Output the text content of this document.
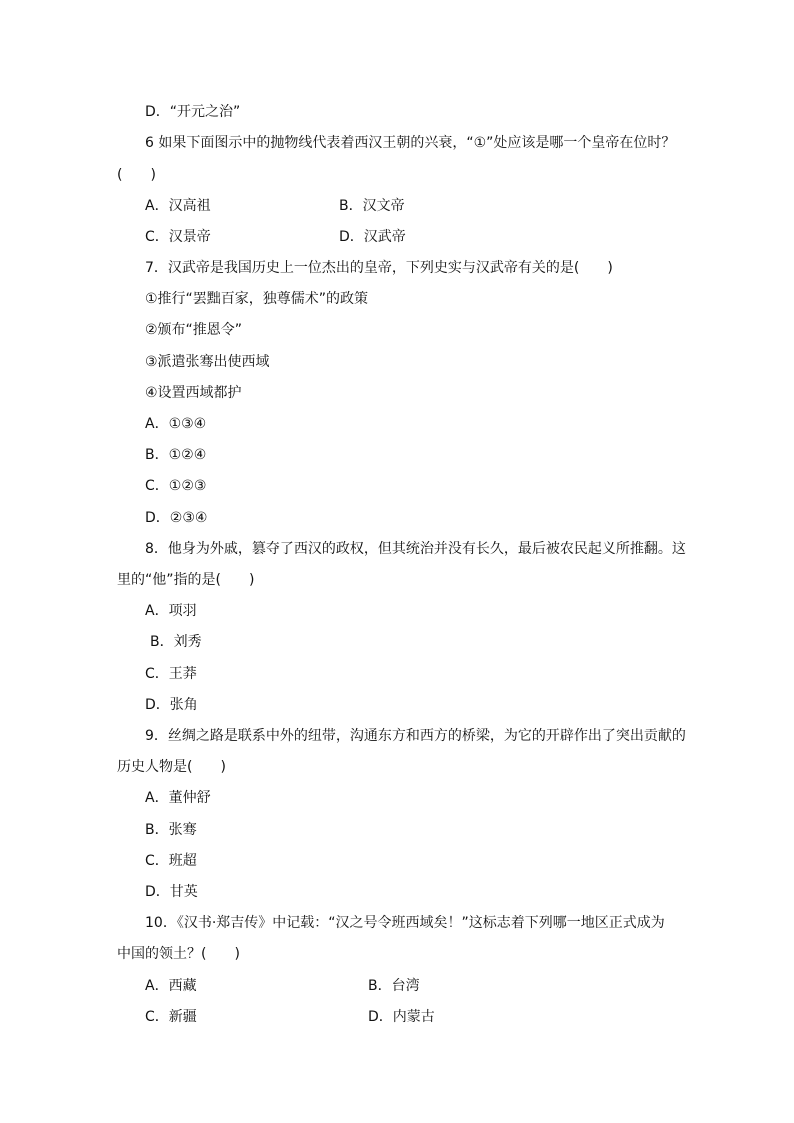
D．“开元之治”
6 如果下面图示中的抛物线代表着西汉王朝的兴衰，“①”处应该是哪一个皇帝在位时？
(　　)
A．汉高祖	B．汉文帝
C．汉景帝	D．汉武帝
7．汉武帝是我国历史上一位杰出的皇帝，下列史实与汉武帝有关的是(　　)
①推行“罢黜百家，独尊儒术”的政策
②颁布“推恩令”
③派遣张骞出使西域
④设置西域都护
A．①③④
B．①②④
C．①②③
D．②③④
8．他身为外戚，篡夺了西汉的政权，但其统治并没有长久，最后被农民起义所推翻。这
里的“他”指的是(　　)
A．项羽
B．刘秀
C．王莽
D．张角
9．丝绸之路是联系中外的纽带，沟通东方和西方的桥梁，为它的开辟作出了突出贡献的
历史人物是(　　)
A．董仲舒
B．张骞
C．班超
D．甘英
10．《汉书·郑吉传》中记载：“汉之号令班西域矣！”这标志着下列哪一地区正式成为
中国的领土？(　　)
A．西藏	B．台湾
C．新疆	D．内蒙古
